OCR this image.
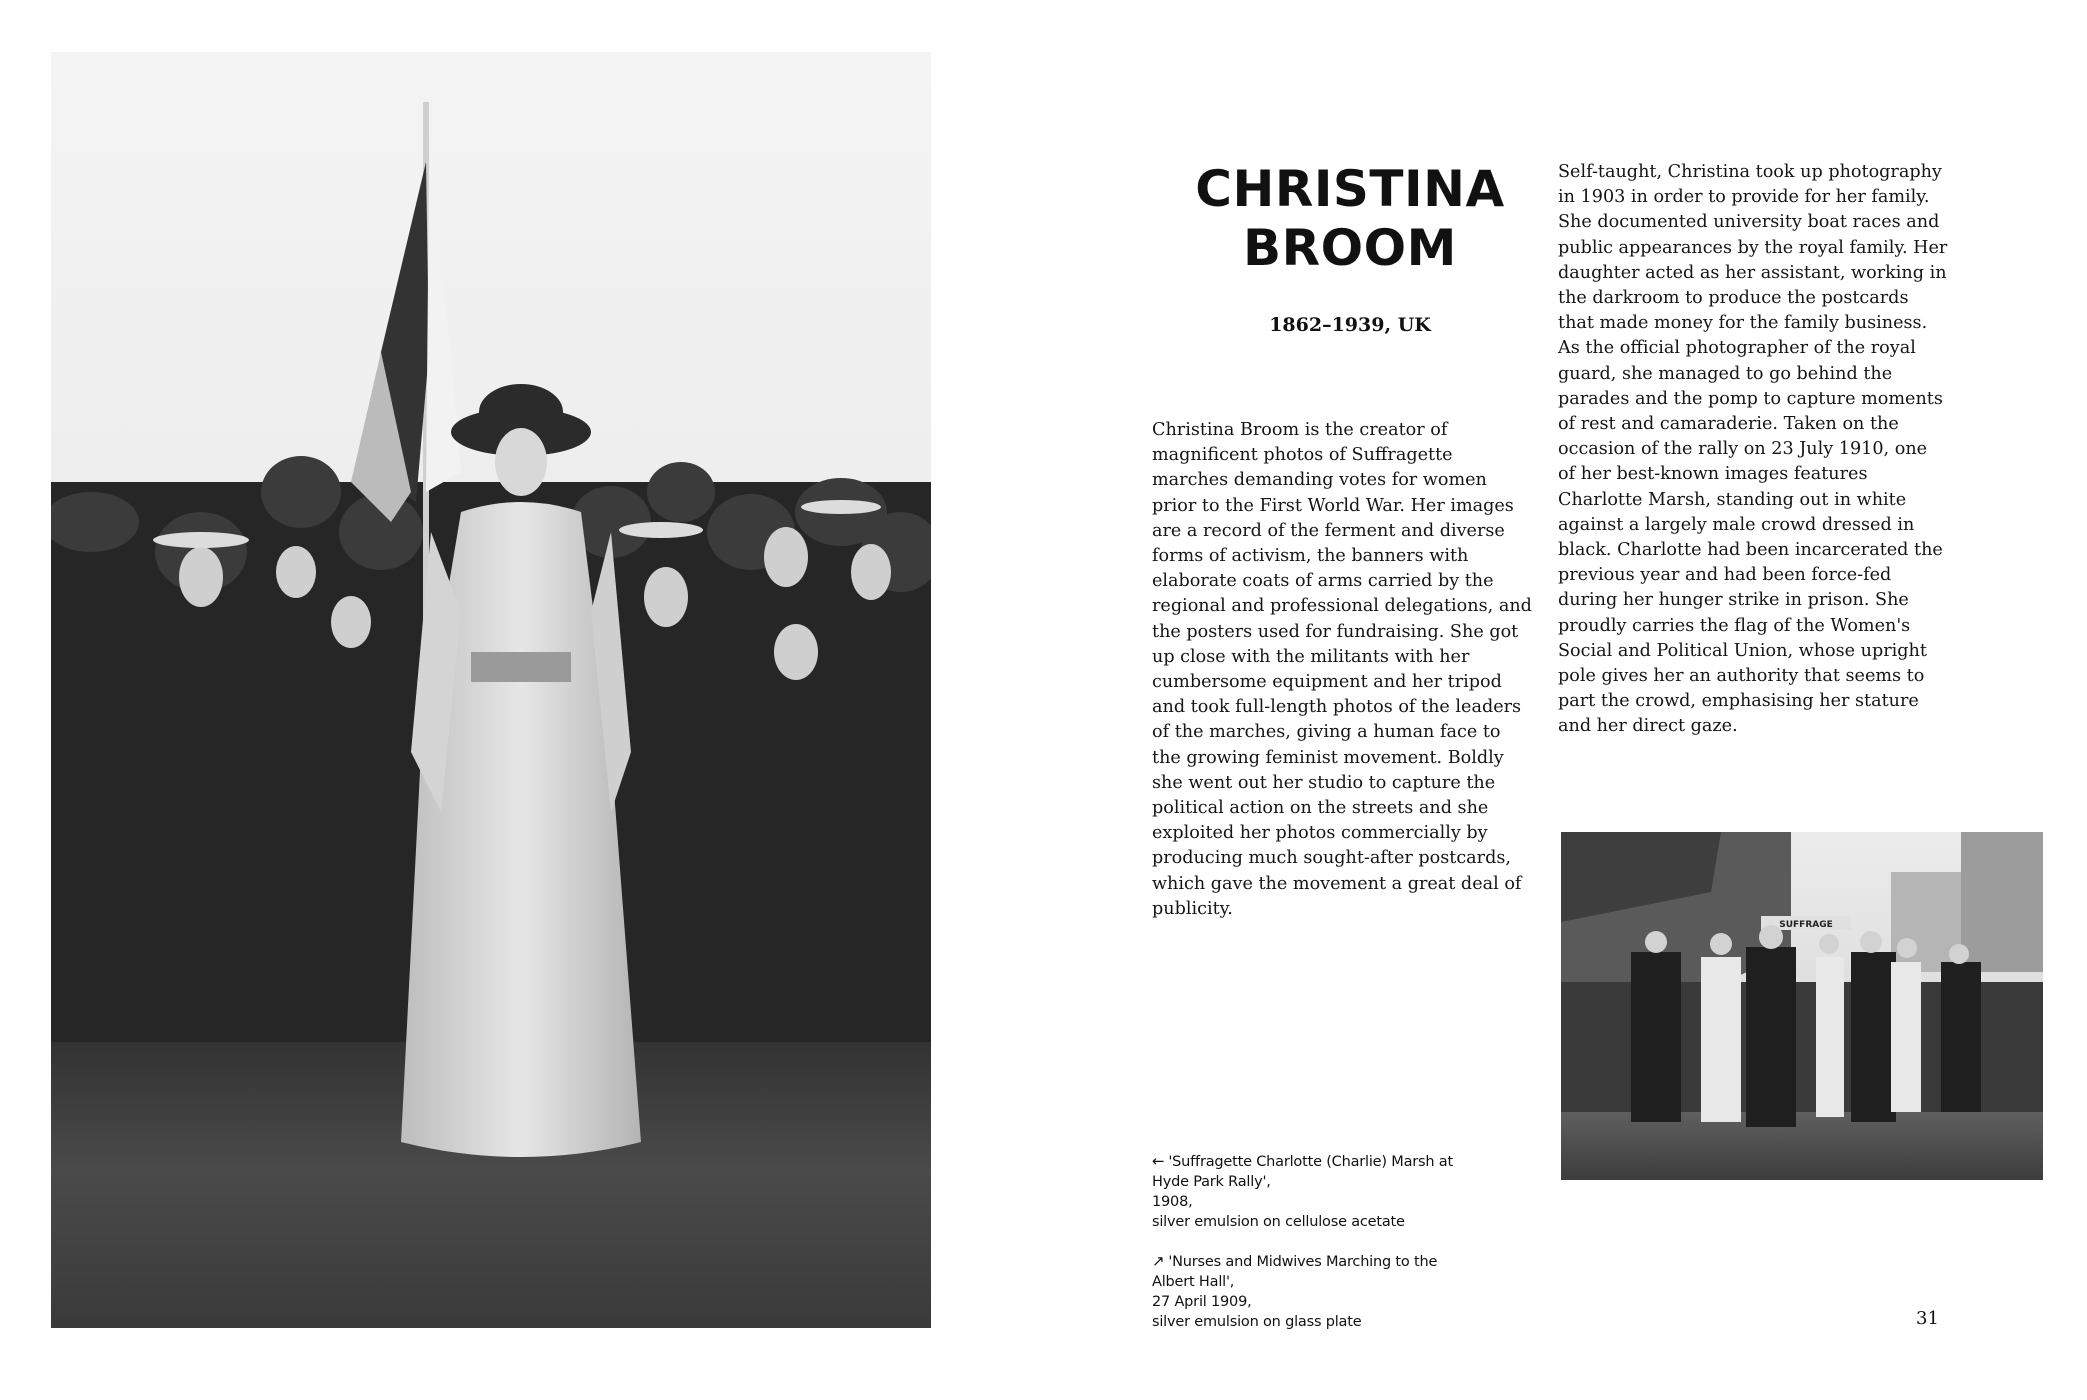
CHRISTINA
BROOM
1862–1939, UK

Christina Broom is the creator of magnificent photos of Suffragette marches demanding votes for women prior to the First World War. Her images are a record of the ferment and diverse forms of activism, the banners with elaborate coats of arms carried by the regional and professional delegations, and the posters used for fundraising. She got up close with the militants with her cumbersome equipment and her tripod and took full-length photos of the leaders of the marches, giving a human face to the growing feminist movement. Boldly she went out her studio to capture the political action on the streets and she exploited her photos commercially by producing much sought-after postcards, which gave the movement a great deal of publicity.

Self-taught, Christina took up photography in 1903 in order to provide for her family. She documented university boat races and public appearances by the royal family. Her daughter acted as her assistant, working in the darkroom to produce the postcards that made money for the family business. As the official photographer of the royal guard, she managed to go behind the parades and the pomp to capture moments of rest and camaraderie. Taken on the occasion of the rally on 23 July 1910, one of her best-known images features Charlotte Marsh, standing out in white against a largely male crowd dressed in black. Charlotte had been incarcerated the previous year and had been force-fed during her hunger strike in prison. She proudly carries the flag of the Women's Social and Political Union, whose upright pole gives her an authority that seems to part the crowd, emphasising her stature and her direct gaze.

SUFFRAGE
← 'Suffragette Charlotte (Charlie) Marsh at Hyde Park Rally',
1908,
silver emulsion on cellulose acetate
↗ 'Nurses and Midwives Marching to the Albert Hall',
27 April 1909,
silver emulsion on glass plate	31
